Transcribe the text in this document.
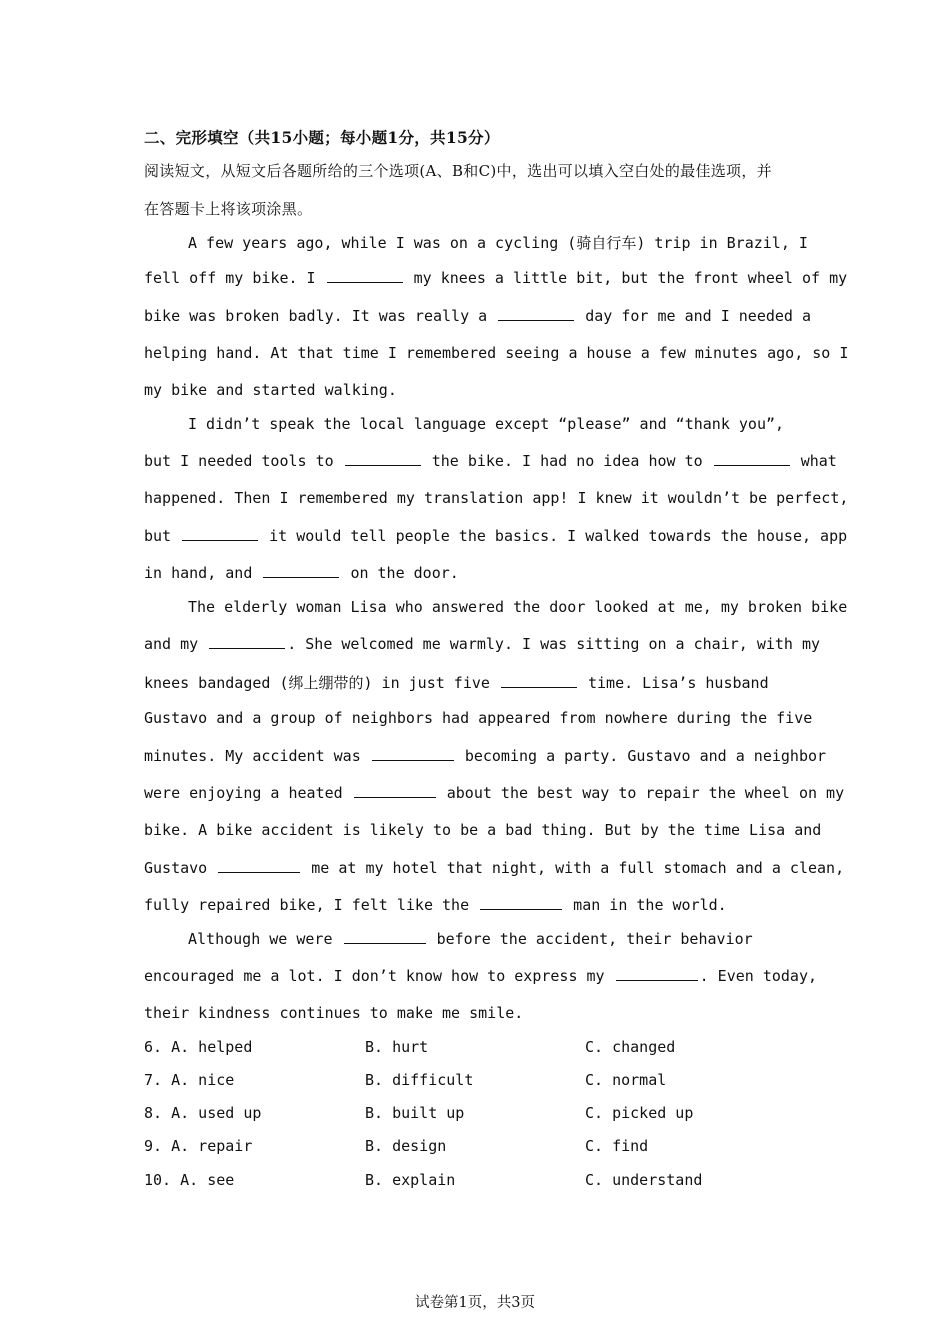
二、完形填空（共15小题；每小题1分，共15分）
阅读短文，从短文后各题所给的三个选项(A、B和C)中，选出可以填入空白处的最佳选项，并
在答题卡上将该项涂黑。
A few years ago, while I was on a cycling (骑自行车) trip in Brazil, I
fell off my bike. I	my knees a little bit, but the front wheel of my
bike was broken badly. It was really a	day for me and I needed a
helping hand. At that time I remembered seeing a house a few minutes ago, so I
my bike and started walking.
I didn’t speak the local language except “please” and “thank you”,
but I needed tools to	the bike. I had no idea how to	what
happened. Then I remembered my translation app! I knew it wouldn’t be perfect,
but	it would tell people the basics. I walked towards the house, app
in hand, and	on the door.
The elderly woman Lisa who answered the door looked at me, my broken bike
and my	. She welcomed me warmly. I was sitting on a chair, with my
knees bandaged (绑上绷带的) in just five	time. Lisa’s husband
Gustavo and a group of neighbors had appeared from nowhere during the five
minutes. My accident was	becoming a party. Gustavo and a neighbor
were enjoying a heated	about the best way to repair the wheel on my
bike. A bike accident is likely to be a bad thing. But by the time Lisa and
Gustavo	me at my hotel that night, with a full stomach and a clean,
fully repaired bike, I felt like the	man in the world.
Although we were	before the accident, their behavior
encouraged me a lot. I don’t know how to express my	. Even today,
their kindness continues to make me smile.
6. A. helped	B. hurt	C. changed
7. A. nice	B. difficult	C. normal
8. A. used up	B. built up	C. picked up
9. A. repair	B. design	C. find
10. A. see	B. explain	C. understand
试卷第1页，共3页
